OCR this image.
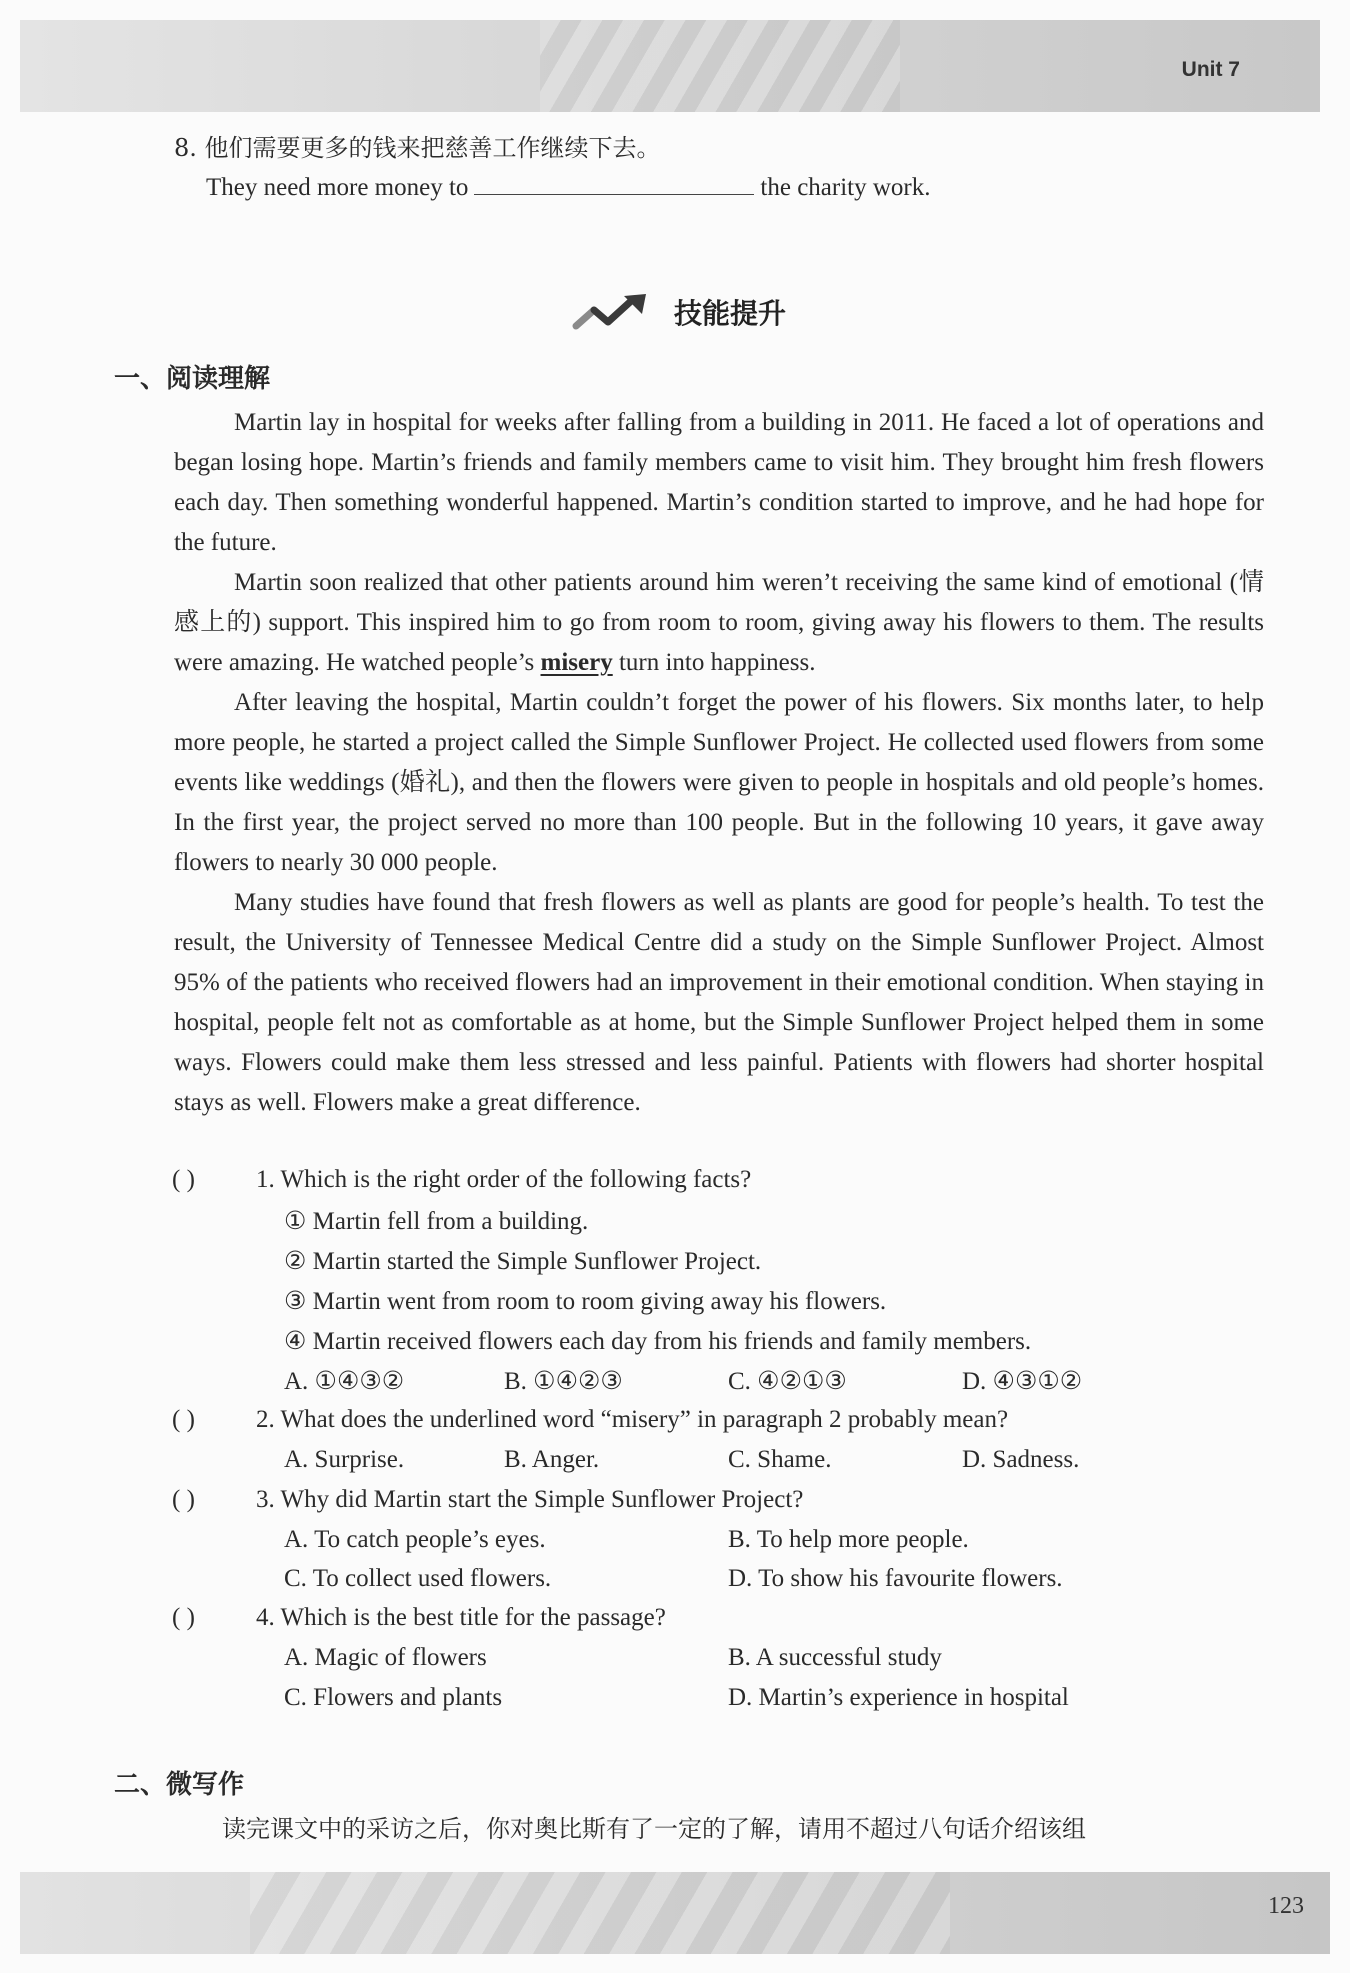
Unit 7
123
8. 他们需要更多的钱来把慈善工作继续下去。
They need more money to	the charity work.
技能提升
一、阅读理解

Martin lay in hospital for weeks after falling from a building in 2011. He faced a lot of operations and began losing hope. Martin’s friends and family members came to visit him. They brought him fresh flowers each day. Then something wonderful happened. Martin’s condition started to improve, and he had hope for the future.

Martin soon realized that other patients around him weren’t receiving the same kind of emotional (情感上的) support. This inspired him to go from room to room, giving away his flowers to them. The results were amazing. He watched people’s misery turn into happiness.

After leaving the hospital, Martin couldn’t forget the power of his flowers. Six months later, to help more people, he started a project called the Simple Sunflower Project. He collected used flowers from some events like weddings (婚礼), and then the flowers were given to people in hospitals and old people’s homes. In the first year, the project served no more than 100 people. But in the following 10 years, it gave away flowers to nearly 30 000 people.

Many studies have found that fresh flowers as well as plants are good for people’s health. To test the result, the University of Tennessee Medical Centre did a study on the Simple Sunflower Project. Almost 95% of the patients who received flowers had an improvement in their emotional condition. When staying in hospital, people felt not as comfortable as at home, but the Simple Sunflower Project helped them in some ways. Flowers could make them less stressed and less painful. Patients with flowers had shorter hospital stays as well. Flowers make a great difference.

( ) 1. Which is the right order of the following facts?
① Martin fell from a building.
② Martin started the Simple Sunflower Project.
③ Martin went from room to room giving away his flowers.
④ Martin received flowers each day from his friends and family members.
A. ①④③②	B. ①④②③	C. ④②①③	D. ④③①②
( ) 2. What does the underlined word “misery” in paragraph 2 probably mean?
A. Surprise.	B. Anger.	C. Shame.	D. Sadness.
( ) 3. Why did Martin start the Simple Sunflower Project?
A. To catch people’s eyes.	B. To help more people.
C. To collect used flowers.	D. To show his favourite flowers.
( ) 4. Which is the best title for the passage?
A. Magic of flowers	B. A successful study
C. Flowers and plants	D. Martin’s experience in hospital
二、微写作
读完课文中的采访之后，你对奥比斯有了一定的了解，请用不超过八句话介绍该组
